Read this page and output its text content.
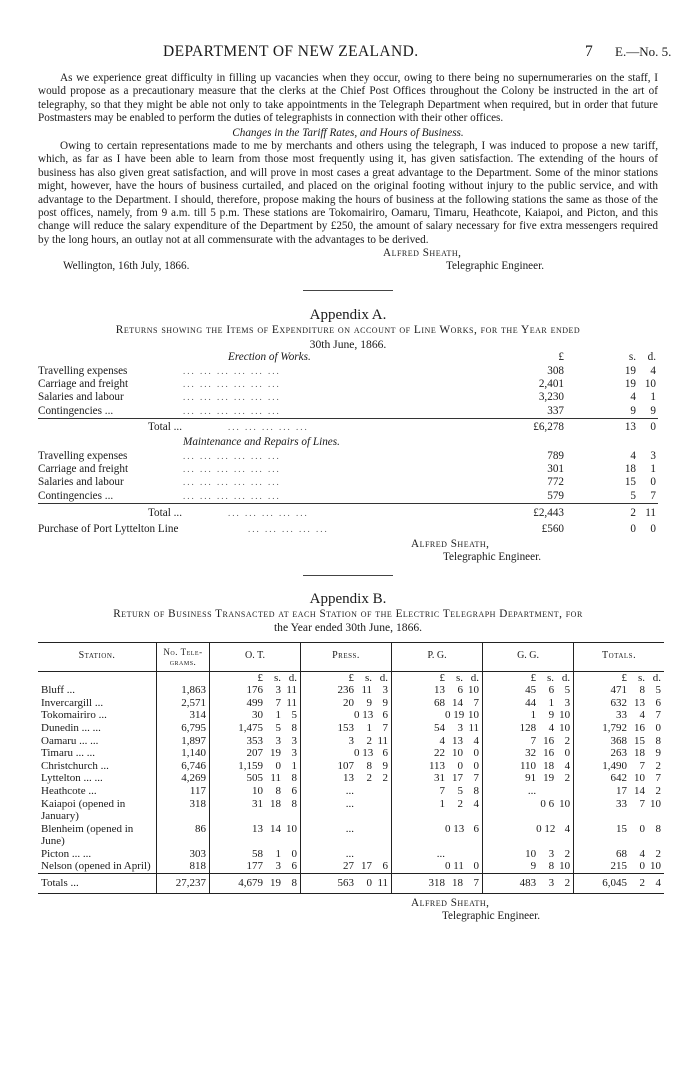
DEPARTMENT OF NEW ZEALAND.	7 E.—No. 5.

As we experience great difficulty in filling up vacancies when they occur, owing to there being no supernumeraries on the staff, I would propose as a precautionary measure that the clerks at the Chief Post Offices throughout the Colony be instructed in the art of telegraphy, so that they might be able not only to take appointments in the Telegraph Department when required, but in order that future Postmasters may be enabled to perform the duties of telegraphists in connection with their other offices.

Changes in the Tariff Rates, and Hours of Business.

Owing to certain representations made to me by merchants and others using the telegraph, I was induced to propose a new tariff, which, as far as I have been able to learn from those most frequently using it, has given satisfaction. The extending of the hours of business has also given great satisfaction, and will prove in most cases a great advantage to the Department. Some of the minor stations might, however, have the hours of business curtailed, and placed on the original footing without injury to the public service, and with advantage to the Department. I should, therefore, propose making the hours of business at the following stations the same as those of the post offices, namely, from 9 a.m. till 5 p.m. These stations are Tokomairiro, Oamaru, Timaru, Heathcote, Kaiapoi, and Picton, and this change will reduce the salary expenditure of the Department by £250, the amount of salary necessary for five extra messengers required by the long hours, an outlay not at all commensurate with the advantages to be derived.

Alfred Sheath,
Wellington, 16th July, 1866.	Telegraphic Engineer.

Appendix A.

Returns showing the Items of Expenditure on account of Line Works, for the Year ended

30th June, 1866.

Erection of Works.	£	s.	d.
Travelling expenses	... ... ... ... ... ...	308	19	4
Carriage and freight	... ... ... ... ... ...	2,401	19 10
Salaries and labour	... ... ... ... ... ...	3,230	4	1
Contingencies ...	... ... ... ... ... ...	337	9	9
Total ...	... ... ... ... ...	£6,278	13	0
Maintenance and Repairs of Lines.
Travelling expenses	... ... ... ... ... ...	789	4	3
Carriage and freight	... ... ... ... ... ...	301	18	1
Salaries and labour	... ... ... ... ... ...	772	15	0
Contingencies ...	... ... ... ... ... ...	579	5	7
Total ...	... ... ... ... ...	£2,443	2 11
Purchase of Port Lyttelton Line	... ... ... ... ...	£560	0	0
Alfred Sheath,
Telegraphic Engineer.

Appendix B.

Return of Business Transacted at each Station of the Electric Telegraph Department, for

the Year ended 30th June, 1866.

Station.	No. Tele-grams.	O. T.	Press.	P. G.	G. G.	Totals.
		£ s. d.	£ s. d.	£ s. d.	£ s. d.	£ s. d.
Bluff ...	1,863	176 3 11	236 11 3	13 6 10	45 6 5	471 8 5
Invercargill ...	2,571	499 7 11	20 9 9	68 14 7	44 1 3	632 13 6
Tokomairiro ...	314	30 1 5	0 13 6	0 19 10	1 9 10	33 4 7
Dunedin ... ...	6,795	1,475 5 8	153 1 7	54 3 11	128 4 10	1,792 16 0
Oamaru ... ...	1,897	353 3 3	3 2 11	4 13 4	7 16 2	368 15 8
Timaru ... ...	1,140	207 19 3	0 13 6	22 10 0	32 16 0	263 18 9
Christchurch ...	6,746	1,159 0 1	107 8 9	113 0 0	110 18 4	1,490 7 2
Lyttelton ... ...	4,269	505 11 8	13 2 2	31 17 7	91 19 2	642 10 7
Heathcote ...	117	10 8 6	...	7 5 8	...	17 14 2
Kaiapoi (opened in January)	318	31 18 8	...	1 2 4	0 6 10	33 7 10
Blenheim (opened in June)	86	13 14 10	...	0 13 6	0 12 4	15 0 8
Picton ... ...	303	58 1 0	...	...	10 3 2	68 4 2
Nelson (opened in April)	818	177 3 6	27 17 6	0 11 0	9 8 10	215 0 10
Totals ...	27,237	4,679 19 8	563 0 11	318 18 7	483 3 2	6,045 2 4
Alfred Sheath,
Telegraphic Engineer.
